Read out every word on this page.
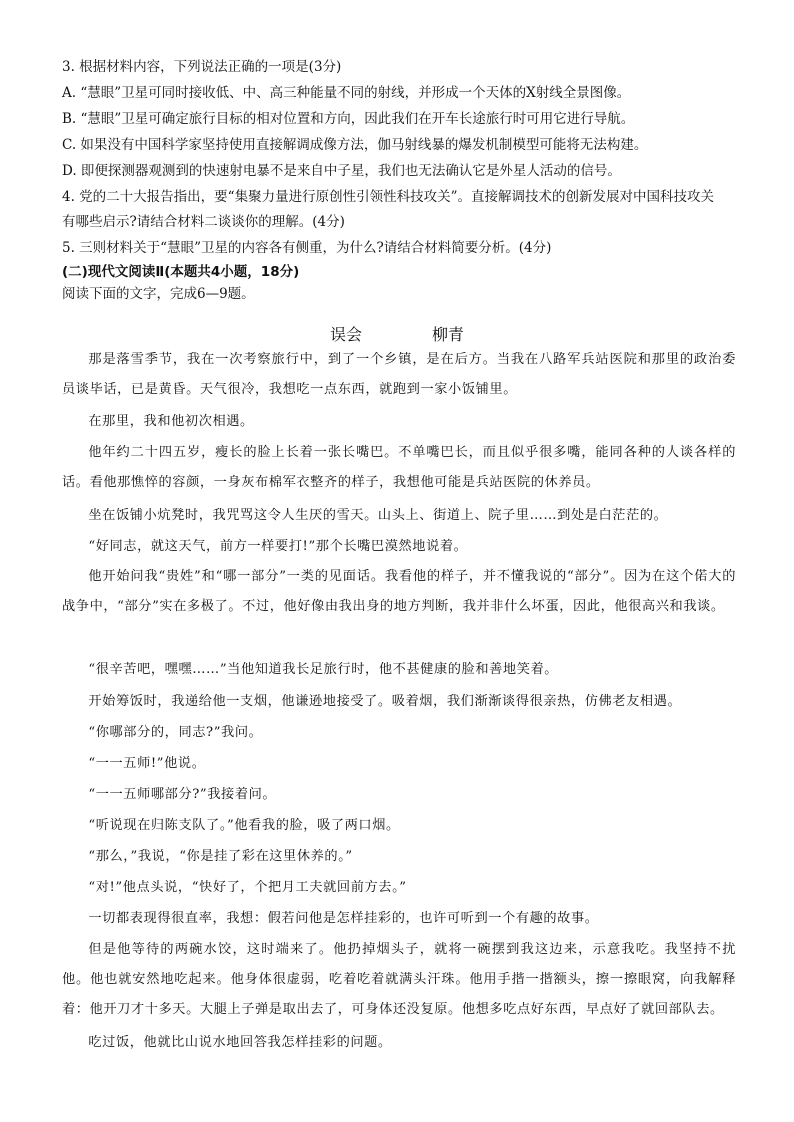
3. 根据材料内容，下列说法正确的一项是(3分)
A. “慧眼”卫星可同时接收低、中、高三种能量不同的射线，并形成一个天体的X射线全景图像。
B. “慧眼”卫星可确定旅行目标的相对位置和方向，因此我们在开车长途旅行时可用它进行导航。
C. 如果没有中国科学家坚持使用直接解调成像方法，伽马射线暴的爆发机制模型可能将无法构建。
D. 即便探测器观测到的快速射电暴不是来自中子星，我们也无法确认它是外星人活动的信号。
4. 党的二十大报告指出，要“集聚力量进行原创性引领性科技攻关”。直接解调技术的创新发展对中国科技攻关
有哪些启示?请结合材料二谈谈你的理解。(4分)
5. 三则材料关于“慧眼”卫星的内容各有侧重，为什么?请结合材料简要分析。(4分)
(二)现代文阅读Ⅱ(本题共4小题，18分)
阅读下面的文字，完成6—9题。
误会	柳青
那是落雪季节，我在一次考察旅行中，到了一个乡镇，是在后方。当我在八路军兵站医院和那里的政治委员谈毕话，已是黄昏。天气很冷，我想吃一点东西，就跑到一家小饭铺里。
在那里，我和他初次相遇。
他年约二十四五岁，瘦长的脸上长着一张长嘴巴。不单嘴巴长，而且似乎很多嘴，能同各种的人谈各样的话。看他那憔悴的容颜，一身灰布棉军衣整齐的样子，我想他可能是兵站医院的休养员。
坐在饭铺小炕凳时，我咒骂这令人生厌的雪天。山头上、街道上、院子里……到处是白茫茫的。
“好同志，就这天气，前方一样要打!”那个长嘴巴漠然地说着。
他开始问我“贵姓”和“哪一部分”一类的见面话。我看他的样子，并不懂我说的“部分”。因为在这个偌大的战争中，“部分”实在多极了。不过，他好像由我出身的地方判断，我并非什么坏蛋，因此，他很高兴和我谈。
“很辛苦吧，嘿嘿……”当他知道我长足旅行时，他不甚健康的脸和善地笑着。
开始筹饭时，我递给他一支烟，他谦逊地接受了。吸着烟，我们渐渐谈得很亲热，仿佛老友相遇。
“你哪部分的，同志?”我问。
“一一五师!”他说。
“一一五师哪部分?”我接着问。
“听说现在归陈支队了。”他看我的脸，吸了两口烟。
“那么，”我说，“你是挂了彩在这里休养的。”
“对!”他点头说，“快好了，个把月工夫就回前方去。”
一切都表现得很直率，我想：假若问他是怎样挂彩的，也许可听到一个有趣的故事。
但是他等待的两碗水饺，这时端来了。他扔掉烟头子，就将一碗摆到我这边来，示意我吃。我坚持不扰他。他也就安然地吃起来。他身体很虚弱，吃着吃着就满头汗珠。他用手揩一揩额头，擦一擦眼窝，向我解释着：他开刀才十多天。大腿上子弹是取出去了，可身体还没复原。他想多吃点好东西，早点好了就回部队去。
吃过饭，他就比山说水地回答我怎样挂彩的问题。
